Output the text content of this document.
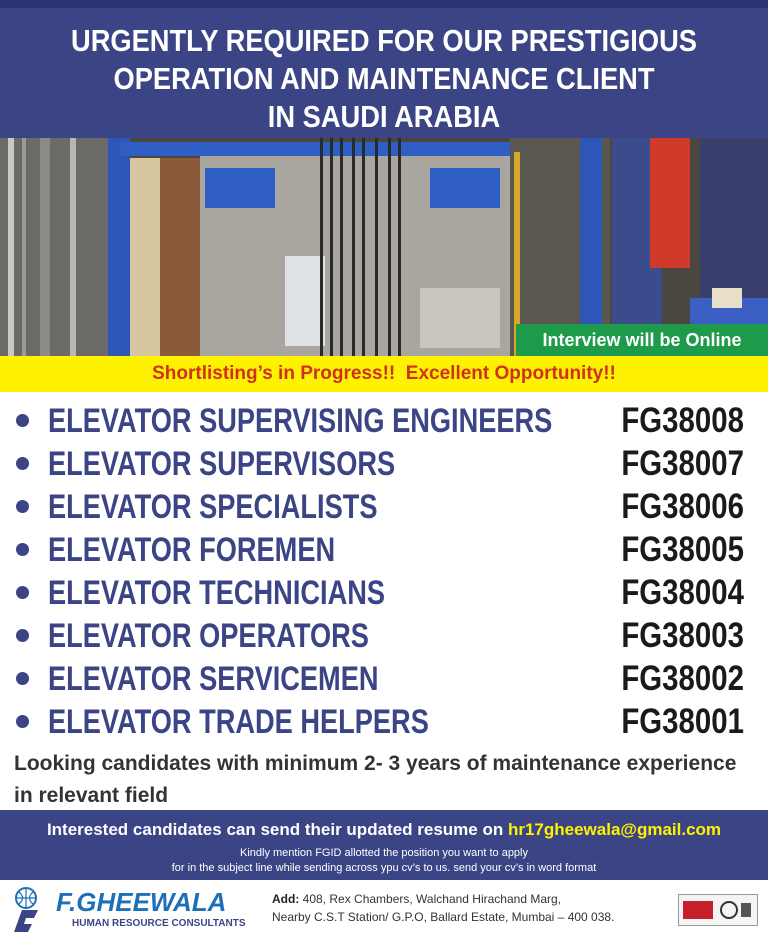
URGENTLY REQUIRED FOR OUR PRESTIGIOUS
OPERATION AND MAINTENANCE CLIENT
IN SAUDI ARABIA
Interview will be Online
Shortlisting’s in Progress!!  Excellent Opportunity!!
ELEVATOR SUPERVISING ENGINEERS FG38008
ELEVATOR SUPERVISORS	FG38007
ELEVATOR SPECIALISTS	FG38006
ELEVATOR FOREMEN	FG38005
ELEVATOR TECHNICIANS	FG38004
ELEVATOR OPERATORS	FG38003
ELEVATOR SERVICEMEN	FG38002
ELEVATOR TRADE HELPERS	FG38001
Looking candidates with minimum 2- 3 years of maintenance experience in relevant field
Interested candidates can send their updated resume on hr17gheewala@gmail.com
Kindly mention FGID allotted the position you want to apply
for in the subject line while sending across ypu cv’s to us. send your cv’s in word format
F.GHEEWALA
HUMAN RESOURCE CONSULTANTS
Add: 408, Rex Chambers, Walchand Hirachand Marg,
Nearby C.S.T Station/ G.P.O, Ballard Estate, Mumbai – 400 038.
